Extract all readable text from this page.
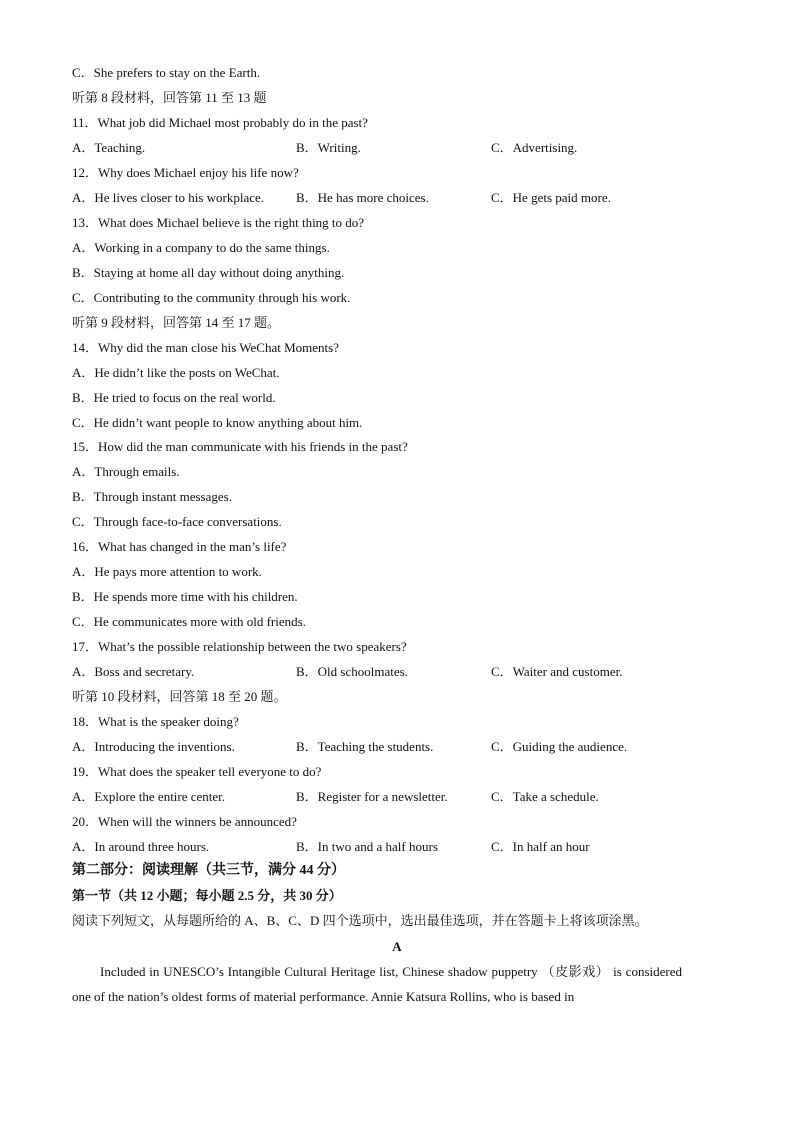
C．She prefers to stay on the Earth.
听第 8 段材料，回答第 11 至 13 题
11．What job did Michael most probably do in the past?
A．Teaching.	B．Writing.	C．Advertising.
12．Why does Michael enjoy his life now?
A．He lives closer to his workplace. B．He has more choices.	C．He gets paid more.
13．What does Michael believe is the right thing to do?
A．Working in a company to do the same things.
B．Staying at home all day without doing anything.
C．Contributing to the community through his work.
听第 9 段材料，回答第 14 至 17 题。
14．Why did the man close his WeChat Moments?
A．He didn’t like the posts on WeChat.
B．He tried to focus on the real world.
C．He didn’t want people to know anything about him.
15．How did the man communicate with his friends in the past?
A．Through emails.
B．Through instant messages.
C．Through face-to-face conversations.
16．What has changed in the man’s life?
A．He pays more attention to work.
B．He spends more time with his children.
C．He communicates more with old friends.
17．What’s the possible relationship between the two speakers?
A．Boss and secretary.	B．Old schoolmates.	C．Waiter and customer.
听第 10 段材料，回答第 18 至 20 题。
18．What is the speaker doing?
A．Introducing the inventions.	B．Teaching the students.	C．Guiding the audience.
19．What does the speaker tell everyone to do?
A．Explore the entire center.	B．Register for a newsletter.	C．Take a schedule.
20．When will the winners be announced?
A．In around three hours.	B．In two and a half hours	C．In half an hour
第二部分：阅读理解（共三节，满分 44 分）
第一节（共 12 小题；每小题 2.5 分，共 30 分）
阅读下列短文，从每题所给的 A、B、C、D 四个选项中，选出最佳选项，并在答题卡上将该项涂黑。
A
Included in UNESCO’s Intangible Cultural Heritage list, Chinese shadow puppetry （皮影戏） is considered one of the nation’s oldest forms of material performance. Annie Katsura Rollins, who is based in
